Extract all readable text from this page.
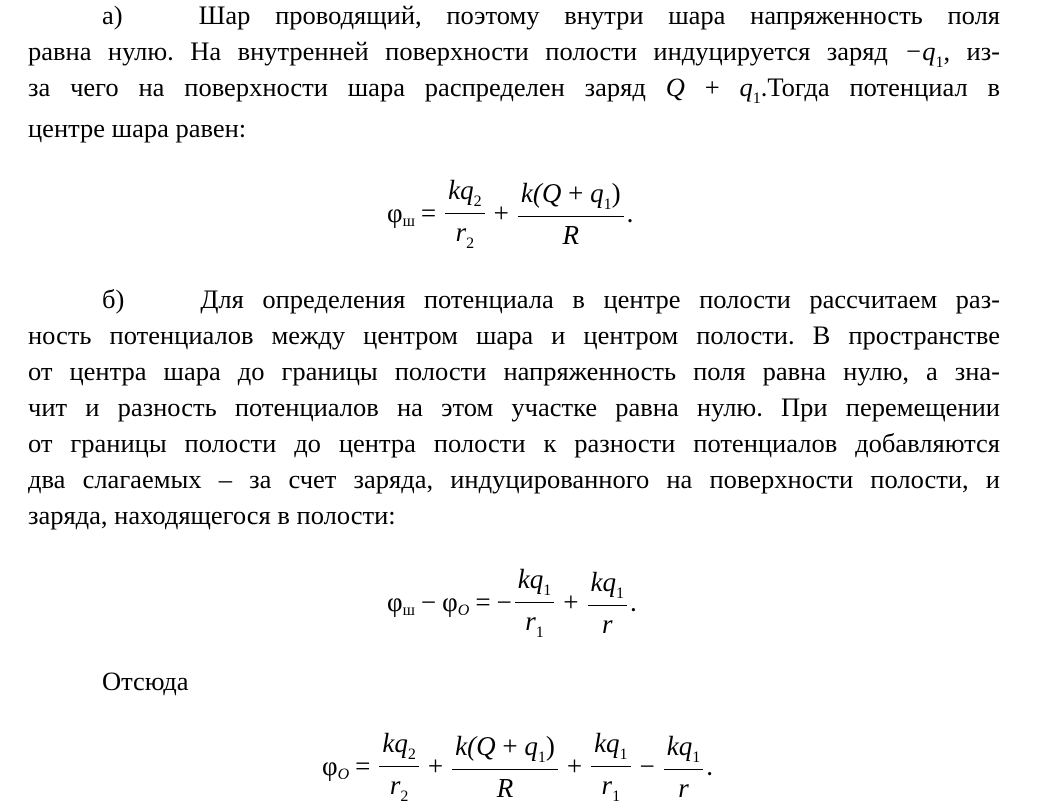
а)	Шар проводящий, поэтому внутри шара напряженность поля
равна нулю. На внутренней поверхности полости индуцируется заряд $-q_1$, из-
за чего на поверхности шара распределен заряд $Q + q_1.Тогда$ потенциал в
центре шара равен:
φ $ш = \frac{kq_2}{r_2} + \frac{k(Q + q_1)}{R}$ .
б)	Для определения потенциала в центре полости рассчитаем раз-
ность потенциалов между центром шара и центром полости. В пространстве
от центра шара до границы полости напряженность поля равна нулю, а зна-
чит и разность потенциалов на этом участке равна нулю. При перемещении
от границы полости до центра полости к разности потенциалов добавляются
два слагаемых – за счет заряда, индуцированного на поверхности полости, и
заряда, находящегося в полости:
φ ш − φ O = − $\frac{kq_1}{r_1} + \frac{kq_1}{r}$ .
Отсюда
φ $O = \frac{kq_2}{r_2} + \frac{k(Q + q_1)}{R} + \frac{kq_1}{r_1} - \frac{kq_1}{r}$ .
